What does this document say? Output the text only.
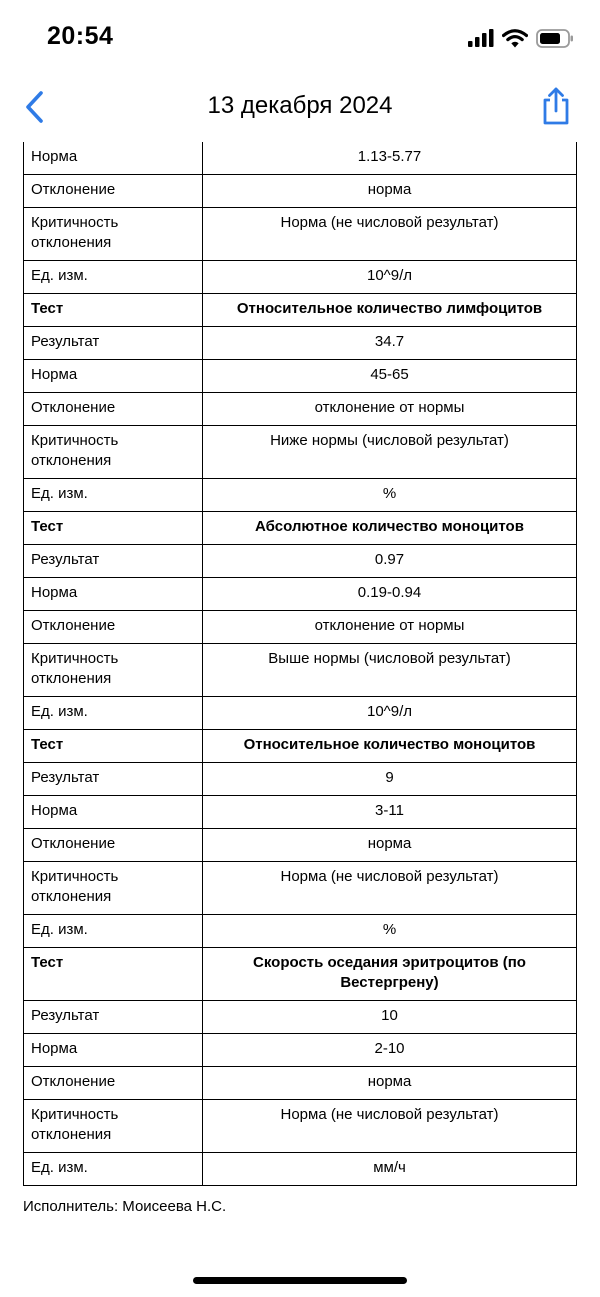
20:54
13 декабря 2024
Норма	1.13-5.77
Отклонение	норма
Критичность отклонения	Норма (не числовой результат)
Ед. изм.	10^9/л
Тест	Относительное количество лимфоцитов
Результат	34.7
Норма	45-65
Отклонение	отклонение от нормы
Критичность отклонения	Ниже нормы (числовой результат)
Ед. изм.	%
Тест	Абсолютное количество моноцитов
Результат	0.97
Норма	0.19-0.94
Отклонение	отклонение от нормы
Критичность отклонения	Выше нормы (числовой результат)
Ед. изм.	10^9/л
Тест	Относительное количество моноцитов
Результат	9
Норма	3-11
Отклонение	норма
Критичность отклонения	Норма (не числовой результат)
Ед. изм.	%
Тест	Скорость оседания эритроцитов (по Вестергрену)
Результат	10
Норма	2-10
Отклонение	норма
Критичность отклонения	Норма (не числовой результат)
Ед. изм.	мм/ч
Исполнитель: Моисеева Н.С.
